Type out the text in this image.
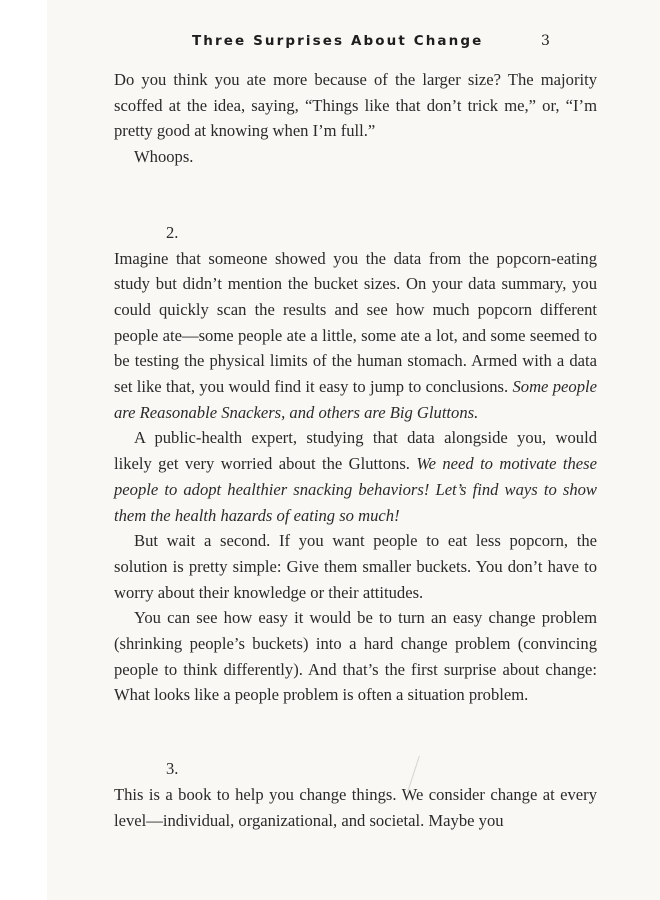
Three Surprises About Change	3

Do you think you ate more because of the larger size? The majority scoffed at the idea, saying, “Things like that don’t trick me,” or, “I’m pretty good at knowing when I’m full.”

Whoops.

2.

Imagine that someone showed you the data from the popcorn-eating study but didn’t mention the bucket sizes. On your data summary, you could quickly scan the results and see how much popcorn different people ate—some people ate a little, some ate a lot, and some seemed to be testing the physical limits of the human stomach. Armed with a data set like that, you would find it easy to jump to conclusions. Some people are Reasonable Snackers, and others are Big Gluttons.

A public-health expert, studying that data alongside you, would likely get very worried about the Gluttons. We need to motivate these people to adopt healthier snacking behaviors! Let’s find ways to show them the health hazards of eating so much!

But wait a second. If you want people to eat less popcorn, the solution is pretty simple: Give them smaller buckets. You don’t have to worry about their knowledge or their attitudes.

You can see how easy it would be to turn an easy change problem (shrinking people’s buckets) into a hard change problem (convincing people to think differently). And that’s the first surprise about change: What looks like a people problem is often a situation problem.

3.

This is a book to help you change things. We consider change at every level—individual, organizational, and societal. Maybe you
